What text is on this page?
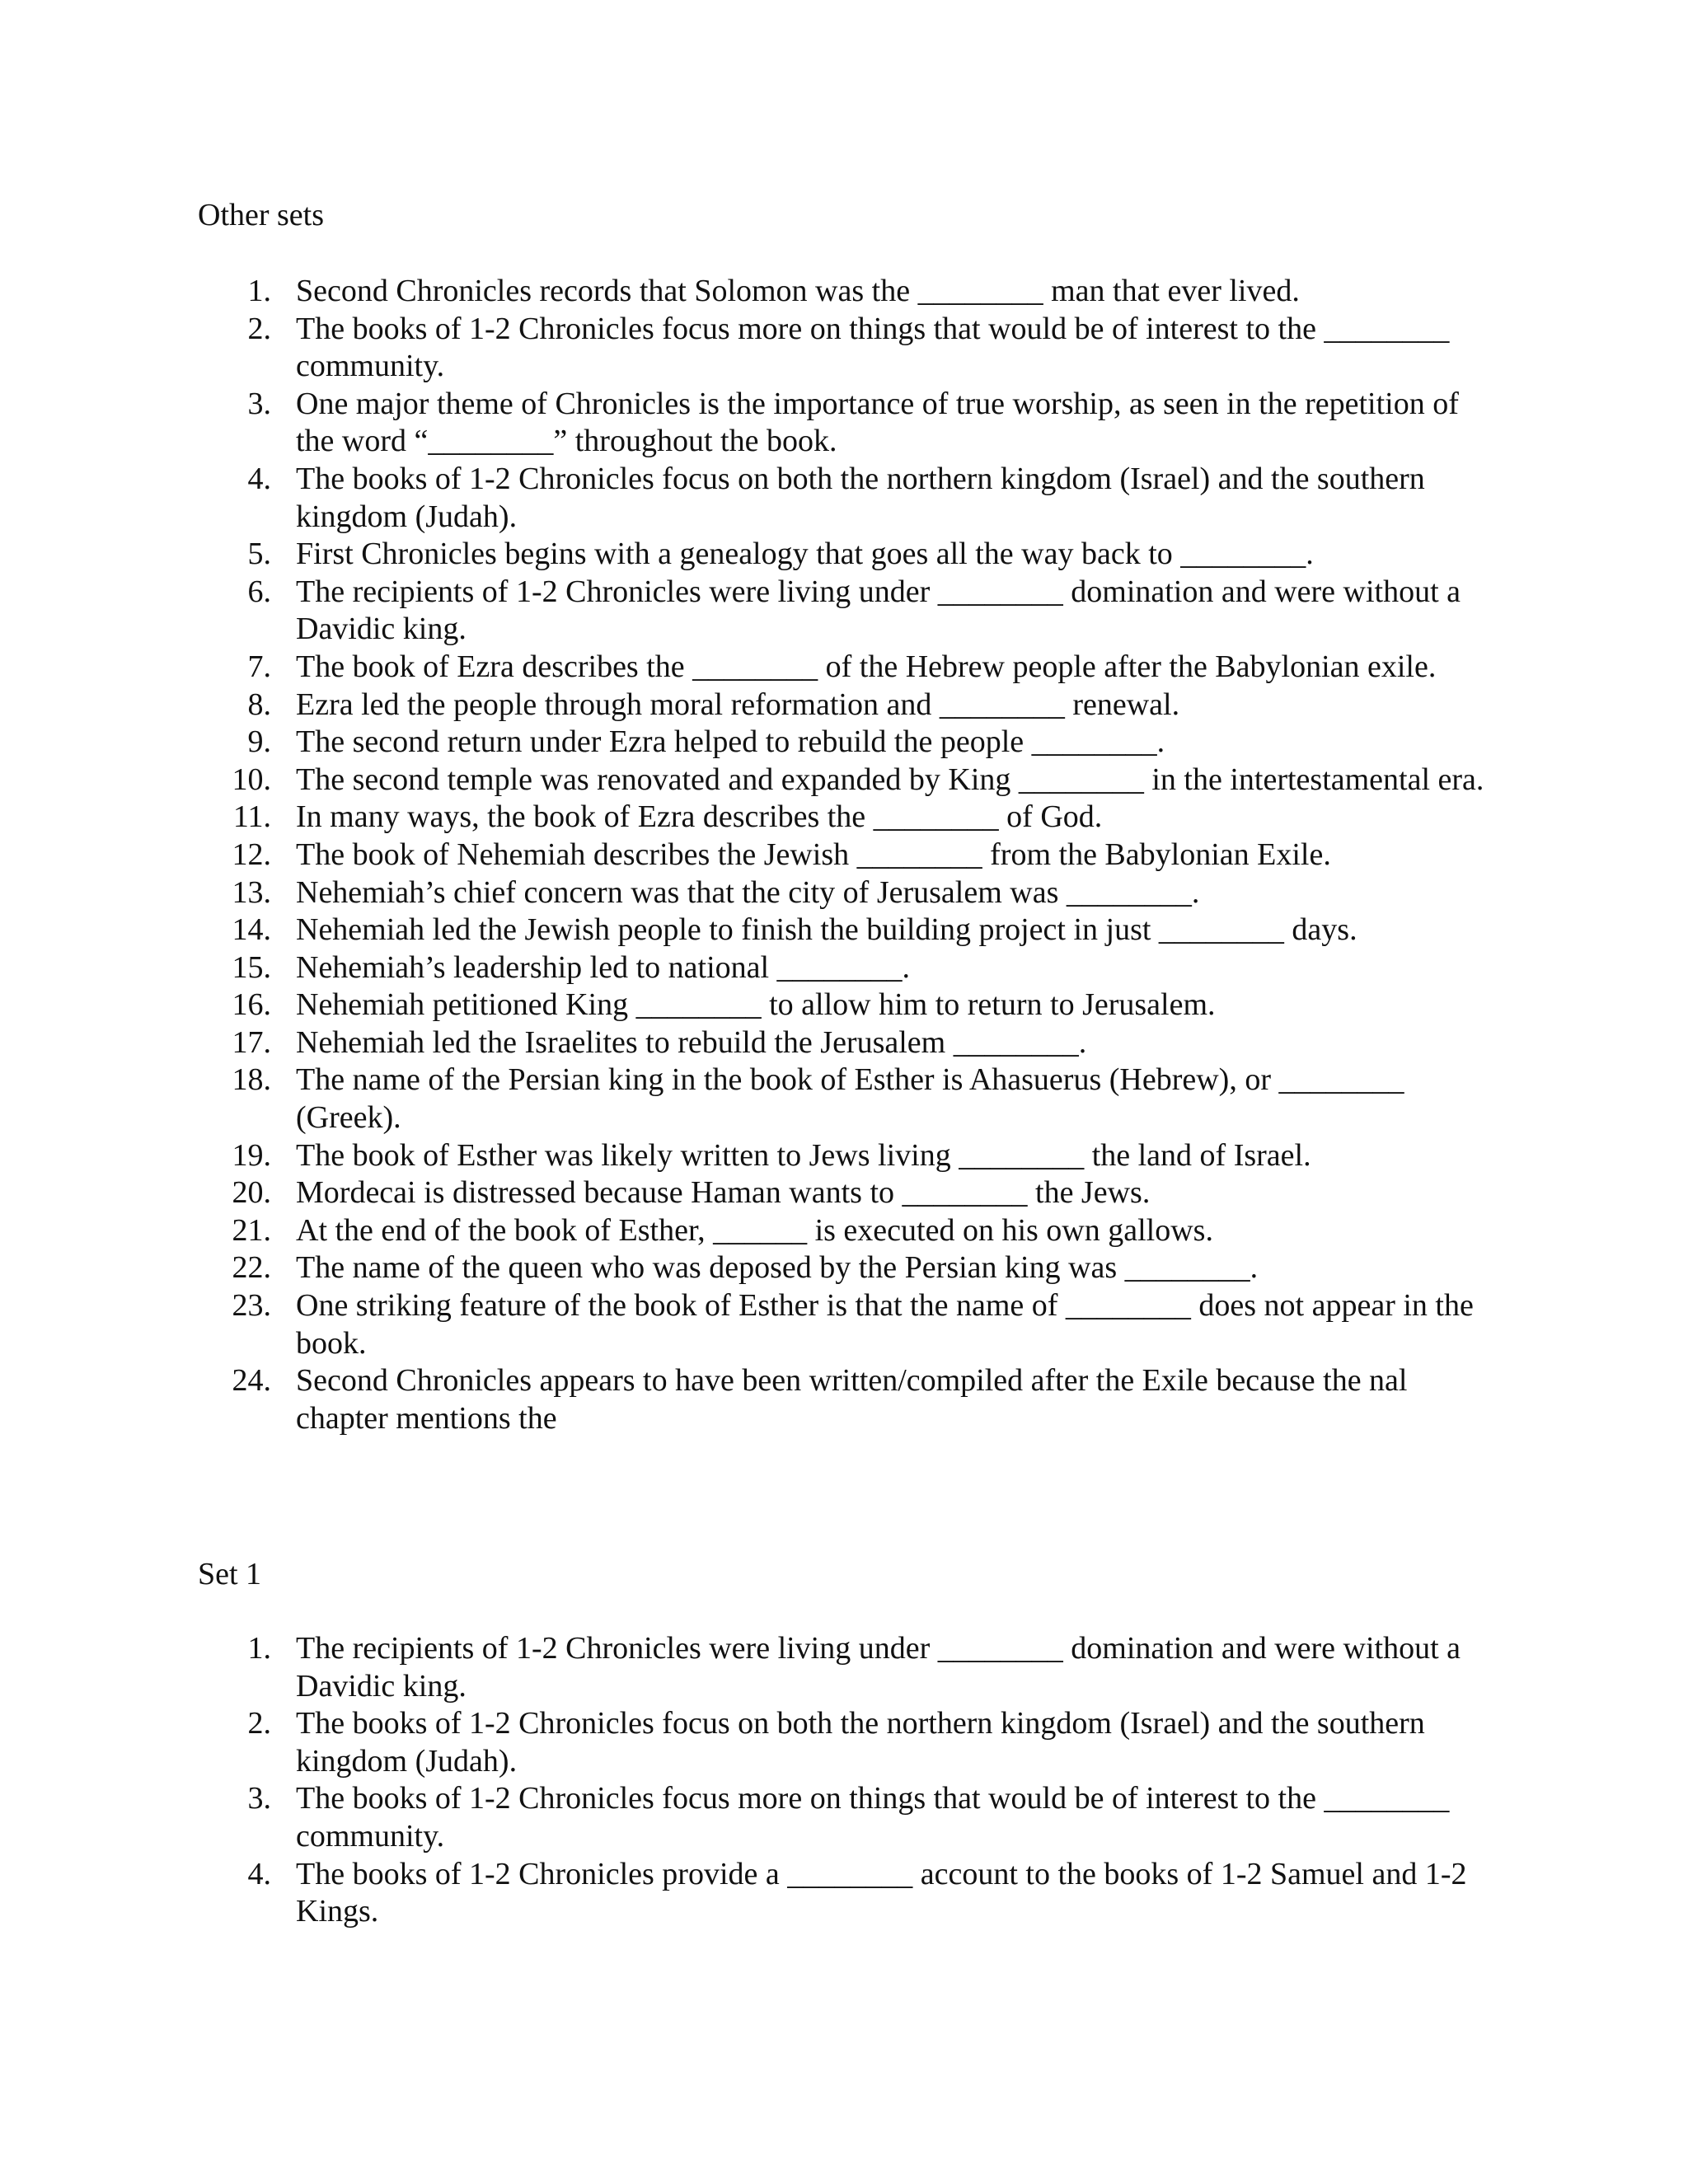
Other sets
1. Second Chronicles records that Solomon was the ________ man that ever lived.
2. The books of 1-2 Chronicles focus more on things that would be of interest to the ________ community.
3. One major theme of Chronicles is the importance of true worship, as seen in the repetition of the word “________” throughout the book.
4. The books of 1-2 Chronicles focus on both the northern kingdom (Israel) and the southern kingdom (Judah).
5. First Chronicles begins with a genealogy that goes all the way back to ________.
6. The recipients of 1-2 Chronicles were living under ________ domination and were without a Davidic king.
7. The book of Ezra describes the ________ of the Hebrew people after the Babylonian exile.
8. Ezra led the people through moral reformation and ________ renewal.
9. The second return under Ezra helped to rebuild the people ________.
10. The second temple was renovated and expanded by King ________ in the intertestamental era.
11. In many ways, the book of Ezra describes the ________ of God.
12. The book of Nehemiah describes the Jewish ________ from the Babylonian Exile.
13. Nehemiah’s chief concern was that the city of Jerusalem was ________.
14. Nehemiah led the Jewish people to finish the building project in just ________ days.
15. Nehemiah’s leadership led to national ________.
16. Nehemiah petitioned King ________ to allow him to return to Jerusalem.
17. Nehemiah led the Israelites to rebuild the Jerusalem ________.
18. The name of the Persian king in the book of Esther is Ahasuerus (Hebrew), or ________ (Greek).
19. The book of Esther was likely written to Jews living ________ the land of Israel.
20. Mordecai is distressed because Haman wants to ________ the Jews.
21. At the end of the book of Esther, ______ is executed on his own gallows.
22. The name of the queen who was deposed by the Persian king was ________.
23. One striking feature of the book of Esther is that the name of ________ does not appear in the book.
24. Second Chronicles appears to have been written/compiled after the Exile because the nal chapter mentions the
Set 1
1. The recipients of 1-2 Chronicles were living under ________ domination and were without a Davidic king.
2. The books of 1-2 Chronicles focus on both the northern kingdom (Israel) and the southern kingdom (Judah).
3. The books of 1-2 Chronicles focus more on things that would be of interest to the ________ community.
4. The books of 1-2 Chronicles provide a ________ account to the books of 1-2 Samuel and 1-2 Kings.
